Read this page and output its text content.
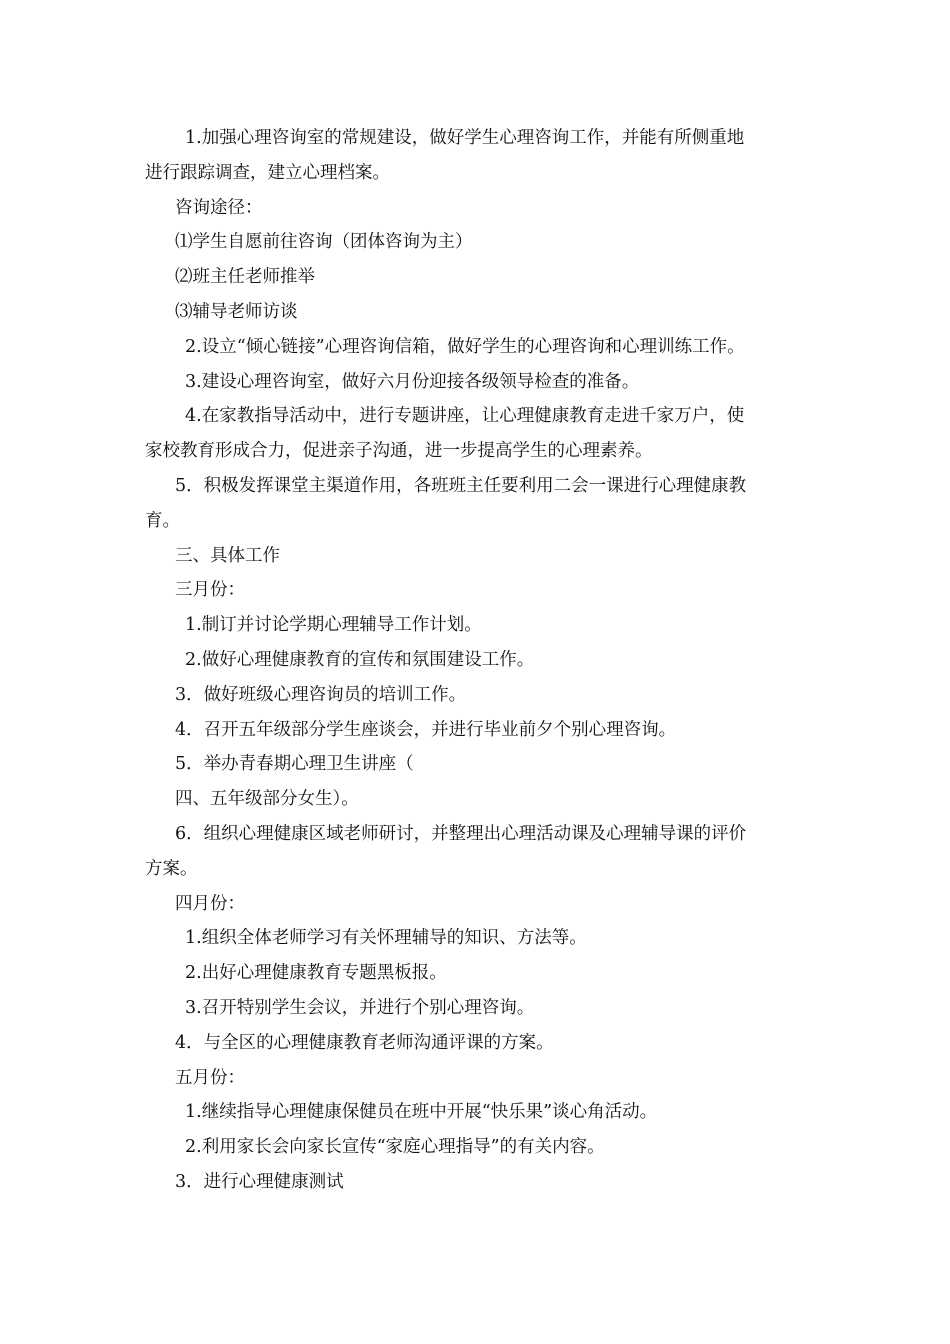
1.加强心理咨询室的常规建设，做好学生心理咨询工作，并能有所侧重地

进行跟踪调查，建立心理档案。

咨询途径：

⑴学生自愿前往咨询（团体咨询为主）

⑵班主任老师推举

⑶辅导老师访谈

2.设立“倾心链接”心理咨询信箱，做好学生的心理咨询和心理训练工作。

3.建设心理咨询室，做好六月份迎接各级领导检查的准备。

4.在家教指导活动中，进行专题讲座，让心理健康教育走进千家万户，使

家校教育形成合力，促进亲子沟通，进一步提高学生的心理素养。

5．积极发挥课堂主渠道作用，各班班主任要利用二会一课进行心理健康教

育。

三、具体工作

三月份：

1.制订并讨论学期心理辅导工作计划。

2.做好心理健康教育的宣传和氛围建设工作。

3．做好班级心理咨询员的培训工作。

4．召开五年级部分学生座谈会，并进行毕业前夕个别心理咨询。

5．举办青春期心理卫生讲座（

四、五年级部分女生）。

6．组织心理健康区域老师研讨，并整理出心理活动课及心理辅导课的评价

方案。

四月份：

1.组织全体老师学习有关怀理辅导的知识、方法等。

2.出好心理健康教育专题黑板报。

3.召开特别学生会议，并进行个别心理咨询。

4．与全区的心理健康教育老师沟通评课的方案。

五月份：

1.继续指导心理健康保健员在班中开展“快乐果”谈心角活动。

2.利用家长会向家长宣传“家庭心理指导”的有关内容。

3．进行心理健康测试
